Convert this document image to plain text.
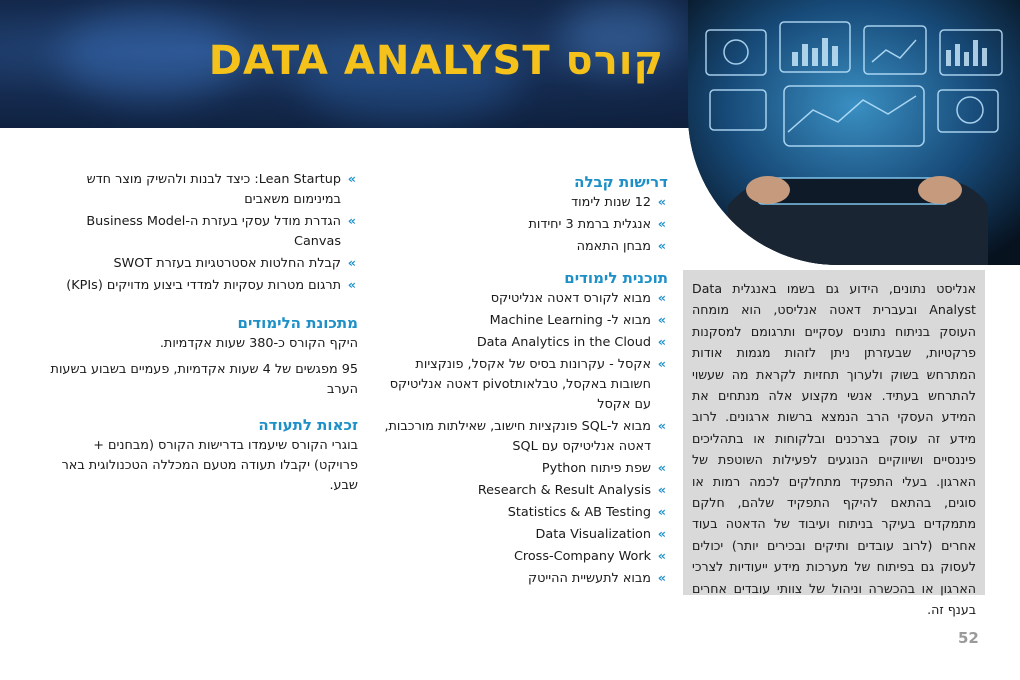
קורס DATA ANALYST

אנליסט נתונים, הידוע גם בשמו באנגלית Data Analyst ובעברית דאטה אנליסט, הוא מומחה העוסק בניתוח נתונים עסקיים ותרגומם למסקנות פרקטיות, שבעזרתן ניתן לזהות מגמות אודות המתרחש בשוק ולערוך תחזיות לקראת מה שעשוי להתרחש בעתיד. אנשי מקצוע אלה מנתחים את המידע העסקי הרב הנמצא ברשות ארגונים. לרוב מידע זה עוסק בצרכנים ובלקוחות או בתהליכים פיננסיים ושיווקיים הנוגעים לפעילות השוטפת של הארגון. בעלי התפקיד מתחלקים לכמה רמות או סוגים, בהתאם להיקף התפקיד שלהם, חלקם מתמקדים בעיקר בניתוח ועיבוד של הדאטה בעוד אחרים (לרוב עובדים ותיקים ובכירים יותר) יכולים לעסוק גם בפיתוח של מערכות מידע ייעודיות לצרכי הארגון או בהכשרה וניהול של צוותי עובדים אחרים בענף זה.

דרישות קבלה
» 12 שנות לימוד
» אנגלית ברמת 3 יחידות
» מבחן התאמה
תוכנית לימודים
» מבוא לקורס דאטה אנליטיקס
» מבוא ל- Machine Learning
» Data Analytics in the Cloud
» אקסל - עקרונות בסיס של אקסל, פונקציות חשובות באקסל, טבלאותpivot דאטה אנליטיקס עם אקסל
» מבוא ל-SQL פונקציות חישוב, שאילתות מורכבות, דאטה אנליטיקס עם SQL
» שפת פיתוח Python
» Research & Result Analysis
» Statistics & AB Testing
» Data Visualization
» Cross-Company Work
» מבוא לתעשיית ההייטק
» Lean Startup: כיצד לבנות ולהשיק מוצר חדש במינימום משאבים
» הגדרת מודל עסקי בעזרת ה-Business Model Canvas
» קבלת החלטות אסטרטגיות בעזרת SWOT
» תרגום מטרות עסקיות למדדי ביצוע מדויקים (KPIs)
מתכונת הלימודים

היקף הקורס כ-380 שעות אקדמיות.

95 מפגשים של 4 שעות אקדמיות, פעמיים בשבוע בשעות הערב

זכאות לתעודה

בוגרי הקורס שיעמדו בדרישות הקורס (מבחנים + פרויקט) יקבלו תעודה מטעם המכללה הטכנולוגית באר שבע.

52
